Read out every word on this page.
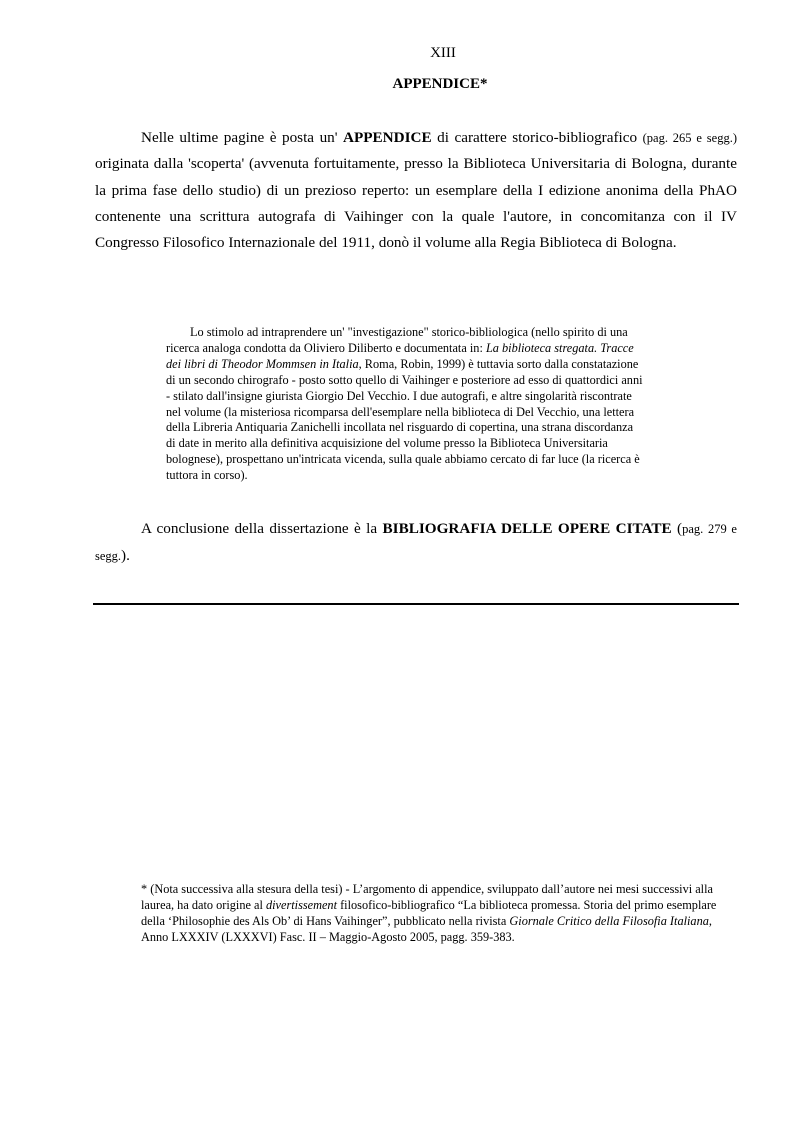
XIII
APPENDICE*

Nelle ultime pagine è posta un' APPENDICE di carattere storico-bibliografico (pag. 265 e segg.) originata dalla 'scoperta' (avvenuta fortuitamente, presso la Biblioteca Universitaria di Bologna, durante la prima fase dello studio) di un prezioso reperto: un esemplare della I edizione anonima della PhAO contenente una scrittura autografa di Vaihinger con la quale l'autore, in concomitanza con il IV Congresso Filosofico Internazionale del 1911, donò il volume alla Regia Biblioteca di Bologna.

Lo stimolo ad intraprendere un' "investigazione" storico-bibliologica (nello spirito di una ricerca analoga condotta da Oliviero Diliberto e documentata in: La biblioteca stregata. Tracce dei libri di Theodor Mommsen in Italia, Roma, Robin, 1999) è tuttavia sorto dalla constatazione di un secondo chirografo - posto sotto quello di Vaihinger e posteriore ad esso di quattordici anni - stilato dall'insigne giurista Giorgio Del Vecchio. I due autografi, e altre singolarità riscontrate nel volume (la misteriosa ricomparsa dell'esemplare nella biblioteca di Del Vecchio, una lettera della Libreria Antiquaria Zanichelli incollata nel risguardo di copertina, una strana discordanza di date in merito alla definitiva acquisizione del volume presso la Biblioteca Universitaria bolognese), prospettano un'intricata vicenda, sulla quale abbiamo cercato di far luce (la ricerca è tuttora in corso).

A conclusione della dissertazione è la BIBLIOGRAFIA DELLE OPERE CITATE (pag. 279 e segg.).

* (Nota successiva alla stesura della tesi) - L’argomento di appendice, sviluppato dall’autore nei mesi successivi alla laurea, ha dato origine al divertissement filosofico-bibliografico “La biblioteca promessa. Storia del primo esemplare della ‘Philosophie des Als Ob’ di Hans Vaihinger”, pubblicato nella rivista Giornale Critico della Filosofia Italiana, Anno LXXXIV (LXXXVI) Fasc. II – Maggio-Agosto 2005, pagg. 359-383.
